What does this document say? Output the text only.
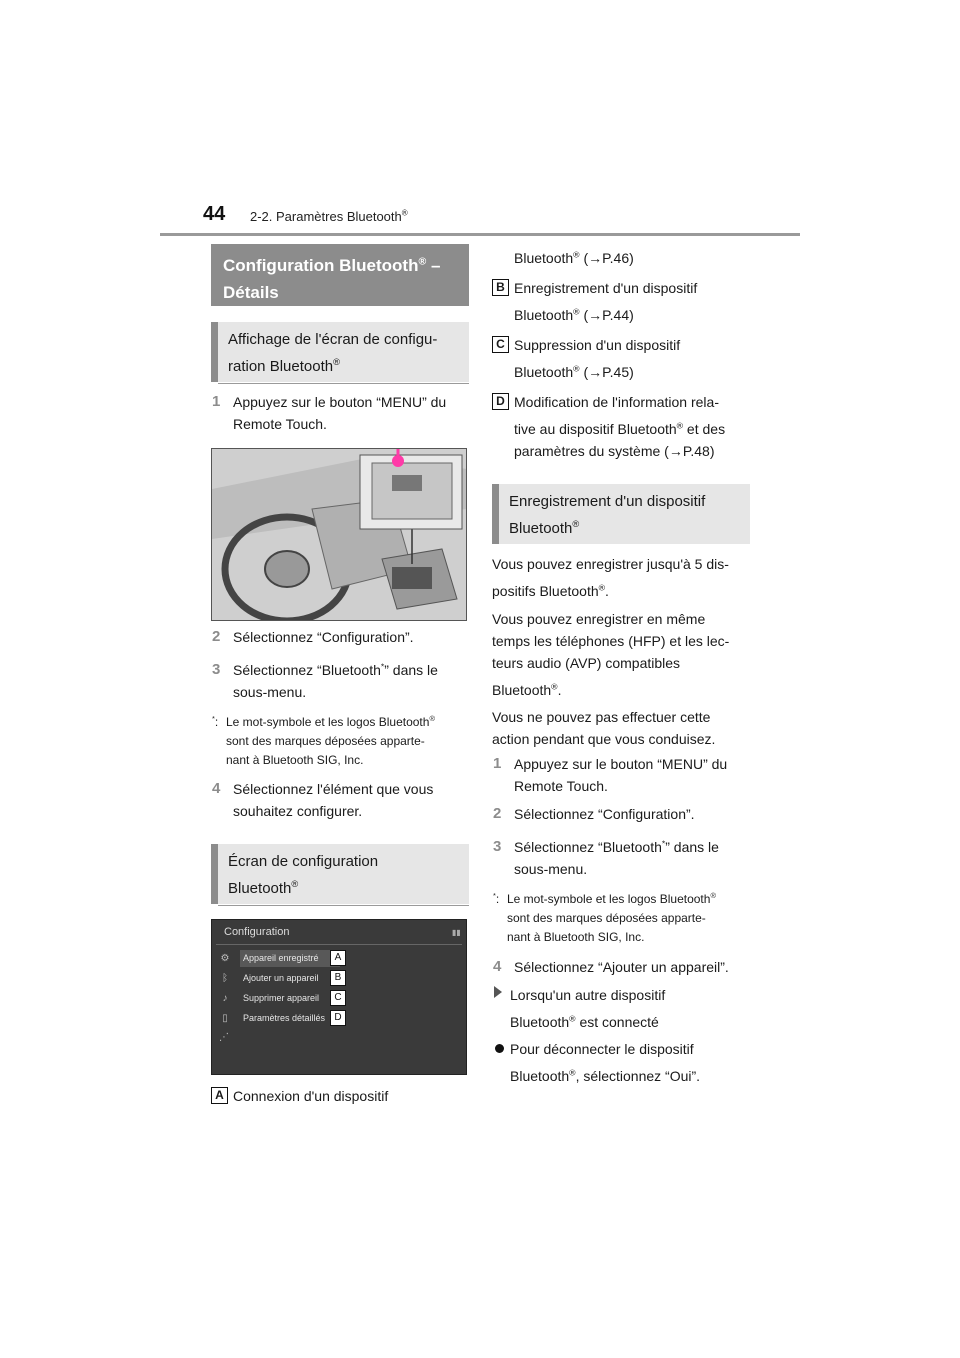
44 2-2. Paramètres Bluetooth®
Configuration Bluetooth® –
Détails
Affichage de l'écran de configu-
ration Bluetooth®
1 Appuyez sur le bouton “MENU” du
Remote Touch.
2 Sélectionnez “Configuration”.
3 Sélectionnez “Bluetooth*” dans le
sous-menu.
*: Le mot-symbole et les logos Bluetooth®
sont des marques déposées apparte-
nant à Bluetooth SIG, Inc.
4 Sélectionnez l'élément que vous
souhaitez configurer.
Écran de configuration
Bluetooth®
Configuration	▮▮
⚙	Appareil enregistré	A
ᛒ	Ajouter un appareil	B
♪	Supprimer appareil	C
▯	Paramètres détaillés D
⋰
A Connexion d'un dispositif
Bluetooth® (→P.46)
B Enregistrement d'un dispositif
Bluetooth® (→P.44)
C Suppression d'un dispositif
Bluetooth® (→P.45)
D Modification de l'information rela-
tive au dispositif Bluetooth® et des
paramètres du système (→P.48)
Enregistrement d'un dispositif
Bluetooth®
Vous pouvez enregistrer jusqu'à 5 dis-
positifs Bluetooth®.
Vous pouvez enregistrer en même
temps les téléphones (HFP) et les lec-
teurs audio (AVP) compatibles
Bluetooth®.
Vous ne pouvez pas effectuer cette
action pendant que vous conduisez.
1 Appuyez sur le bouton “MENU” du
Remote Touch.
2 Sélectionnez “Configuration”.
3 Sélectionnez “Bluetooth*” dans le
sous-menu.
*: Le mot-symbole et les logos Bluetooth®
sont des marques déposées apparte-
nant à Bluetooth SIG, Inc.
4 Sélectionnez “Ajouter un appareil”.
Lorsqu'un autre dispositif
Bluetooth® est connecté
Pour déconnecter le dispositif
Bluetooth®, sélectionnez “Oui”.
